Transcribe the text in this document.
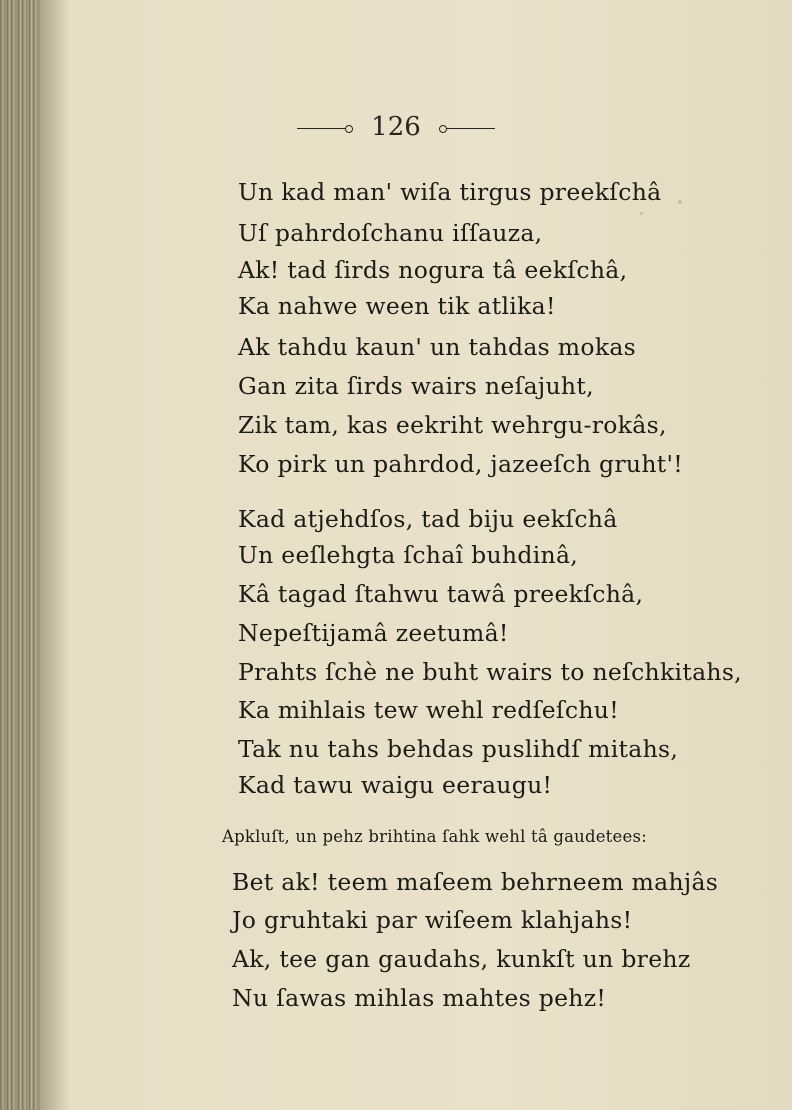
126
Un kad man' wiſa tirgus preekſchâ
Uſ pahrdoſchanu iſſauza,
Ak! tad ſirds nogura tâ eekſchâ,
Ka nahwe ween tik atlika!
Ak tahdu kaun' un tahdas mokas
Gan zita ſirds wairs neſajuht,
Zik tam, kas eekriht wehrgu-rokâs,
Ko pirk un pahrdod, jazeeſch gruht'!
Kad atjehdſos, tad biju eekſchâ
Un eeſlehgta ſchaî buhdinâ,
Kâ tagad ſtahwu tawâ preekſchâ,
Nepeſtijamâ zeetumâ!
Prahts ſchè ne buht wairs to neſchkitahs,
Ka mihlais tew wehl redſeſchu!
Tak nu tahs behdas puslihdſ mitahs,
Kad tawu waigu eeraugu!
Apkluſt, un pehz brihtina ſahk wehl tâ gaudetees:
Bet ak! teem maſeem behrneem mahjâs
Jo gruhtaki par wiſeem klahjahs!
Ak, tee gan gaudahs, kunkſt un brehz
Nu ſawas mihlas mahtes pehz!
